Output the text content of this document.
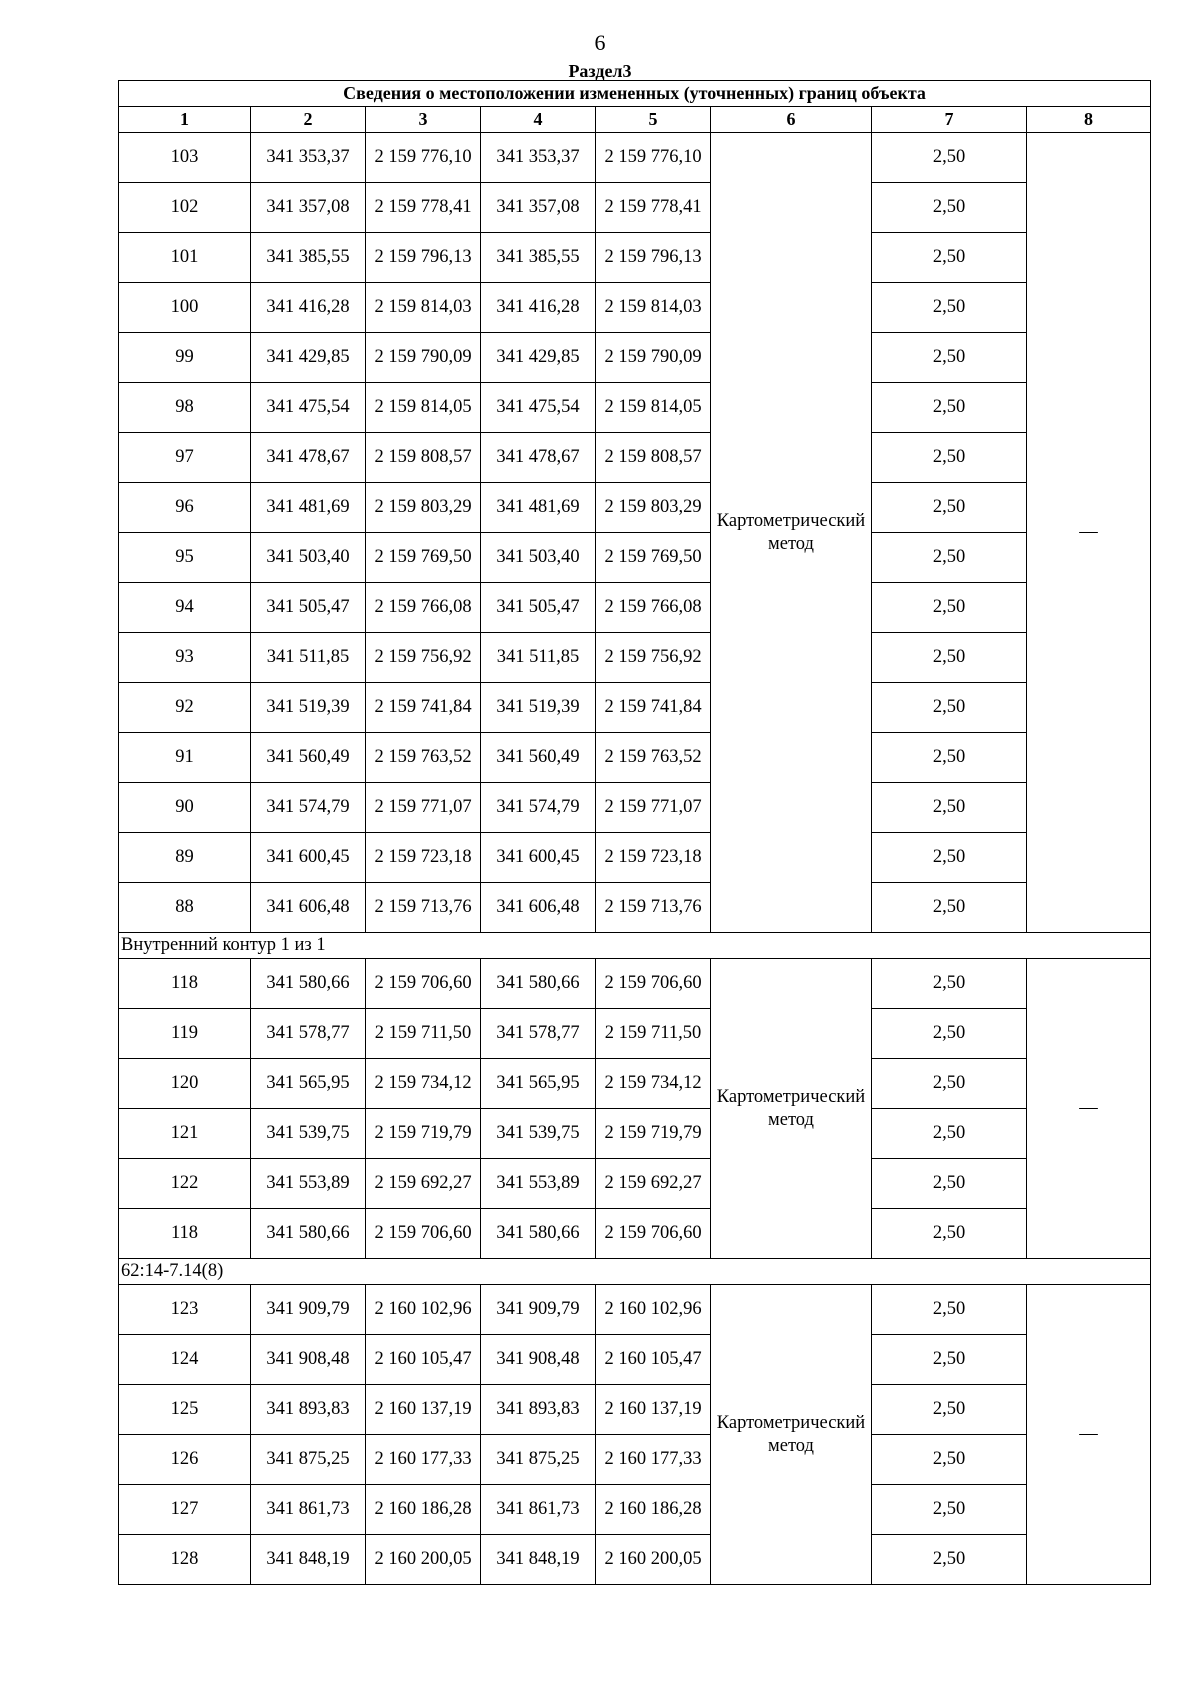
6
Раздел3
Сведения о местоположении измененных (уточненных) границ объекта							
1	2	3	4	5	6	7	8
103	341 353,37	2 159 776,10	341 353,37	2 159 776,10	Картометрический метод	2,50	—
102	341 357,08	2 159 778,41	341 357,08	2 159 778,41		2,50	
101	341 385,55	2 159 796,13	341 385,55	2 159 796,13		2,50	
100	341 416,28	2 159 814,03	341 416,28	2 159 814,03		2,50	
99	341 429,85	2 159 790,09	341 429,85	2 159 790,09		2,50	
98	341 475,54	2 159 814,05	341 475,54	2 159 814,05		2,50	
97	341 478,67	2 159 808,57	341 478,67	2 159 808,57		2,50	
96	341 481,69	2 159 803,29	341 481,69	2 159 803,29		2,50	
95	341 503,40	2 159 769,50	341 503,40	2 159 769,50		2,50	
94	341 505,47	2 159 766,08	341 505,47	2 159 766,08		2,50	
93	341 511,85	2 159 756,92	341 511,85	2 159 756,92		2,50	
92	341 519,39	2 159 741,84	341 519,39	2 159 741,84		2,50	
91	341 560,49	2 159 763,52	341 560,49	2 159 763,52		2,50	
90	341 574,79	2 159 771,07	341 574,79	2 159 771,07		2,50	
89	341 600,45	2 159 723,18	341 600,45	2 159 723,18		2,50	
88	341 606,48	2 159 713,76	341 606,48	2 159 713,76		2,50	
Внутренний контур 1 из 1							
118	341 580,66	2 159 706,60	341 580,66	2 159 706,60	Картометрический метод	2,50	—
119	341 578,77	2 159 711,50	341 578,77	2 159 711,50		2,50	
120	341 565,95	2 159 734,12	341 565,95	2 159 734,12		2,50	
121	341 539,75	2 159 719,79	341 539,75	2 159 719,79		2,50	
122	341 553,89	2 159 692,27	341 553,89	2 159 692,27		2,50	
118	341 580,66	2 159 706,60	341 580,66	2 159 706,60		2,50	
62:14-7.14(8)							
123	341 909,79	2 160 102,96	341 909,79	2 160 102,96	Картометрический метод	2,50	—
124	341 908,48	2 160 105,47	341 908,48	2 160 105,47		2,50	
125	341 893,83	2 160 137,19	341 893,83	2 160 137,19		2,50	
126	341 875,25	2 160 177,33	341 875,25	2 160 177,33		2,50	
127	341 861,73	2 160 186,28	341 861,73	2 160 186,28		2,50	
128	341 848,19	2 160 200,05	341 848,19	2 160 200,05		2,50	
